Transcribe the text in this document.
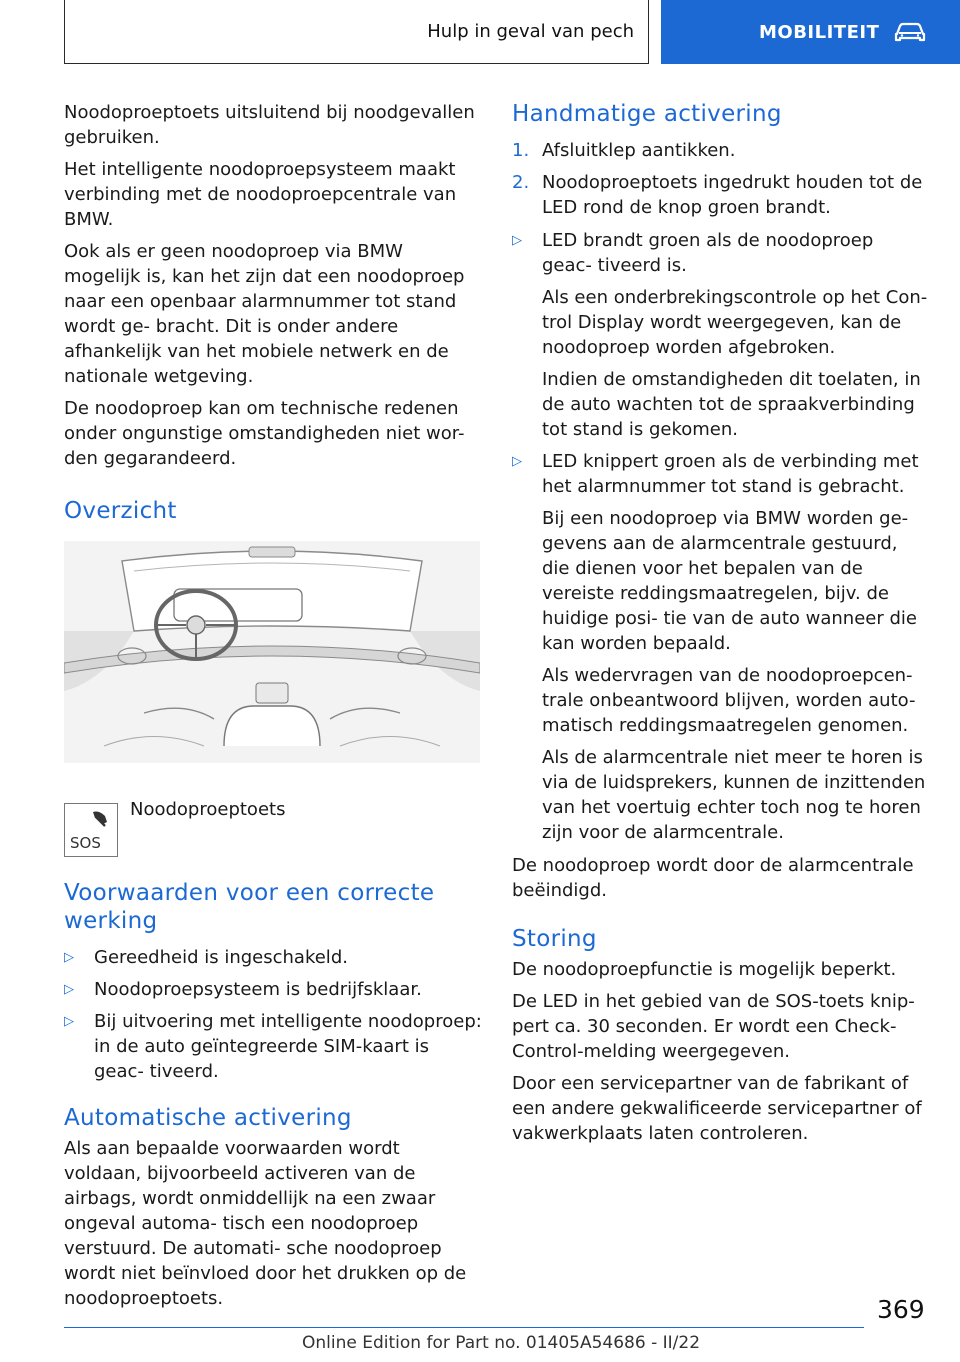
Hulp in geval van pech	MOBILITEIT

Noodoproeptoets uitsluitend bij noodgevallen gebruiken.

Het intelligente noodoproepsysteem maakt verbinding met de noodoproepcentrale van BMW.

Ook als er geen noodoproep via BMW mogelijk is, kan het zijn dat een noodoproep naar een openbaar alarmnummer tot stand wordt ge- bracht. Dit is onder andere afhankelijk van het mobiele netwerk en de nationale wetgeving.

De noodoproep kan om technische redenen onder ongunstige omstandigheden niet wor- den gegarandeerd.

Overzicht
SOS
Noodoproeptoets
Voorwaarden voor een correcte werking
▷ Gereedheid is ingeschakeld.
▷ Noodoproepsysteem is bedrijfsklaar.
▷ Bij uitvoering met intelligente noodoproep: in de auto geïntegreerde SIM-kaart is geac- tiveerd.
Automatische activering

Als aan bepaalde voorwaarden wordt voldaan, bijvoorbeeld activeren van de airbags, wordt onmiddellijk na een zwaar ongeval automa- tisch een noodoproep verstuurd. De automati- sche noodoproep wordt niet beïnvloed door het drukken op de noodoproeptoets.

Handmatige activering
1. Afsluitklep aantikken.
2. Noodoproeptoets ingedrukt houden tot de LED rond de knop groen brandt.
▷ LED brandt groen als de noodoproep geac- tiveerd is.
Als een onderbrekingscontrole op het Con- trol Display wordt weergegeven, kan de noodoproep worden afgebroken.
Indien de omstandigheden dit toelaten, in de auto wachten tot de spraakverbinding tot stand is gekomen.
▷ LED knippert groen als de verbinding met het alarmnummer tot stand is gebracht.
Bij een noodoproep via BMW worden ge- gevens aan de alarmcentrale gestuurd, die dienen voor het bepalen van de vereiste reddingsmaatregelen, bijv. de huidige posi- tie van de auto wanneer die kan worden bepaald.
Als wedervragen van de noodoproepcen- trale onbeantwoord blijven, worden auto- matisch reddingsmaatregelen genomen.
Als de alarmcentrale niet meer te horen is via de luidsprekers, kunnen de inzittenden van het voertuig echter toch nog te horen zijn voor de alarmcentrale.

De noodoproep wordt door de alarmcentrale beëindigd.

Storing

De noodoproepfunctie is mogelijk beperkt.

De LED in het gebied van de SOS-toets knip- pert ca. 30 seconden. Er wordt een Check- Control-melding weergegeven.

Door een servicepartner van de fabrikant of een andere gekwalificeerde servicepartner of vakwerkplaats laten controleren.

369
Online Edition for Part no. 01405A54686 - II/22
